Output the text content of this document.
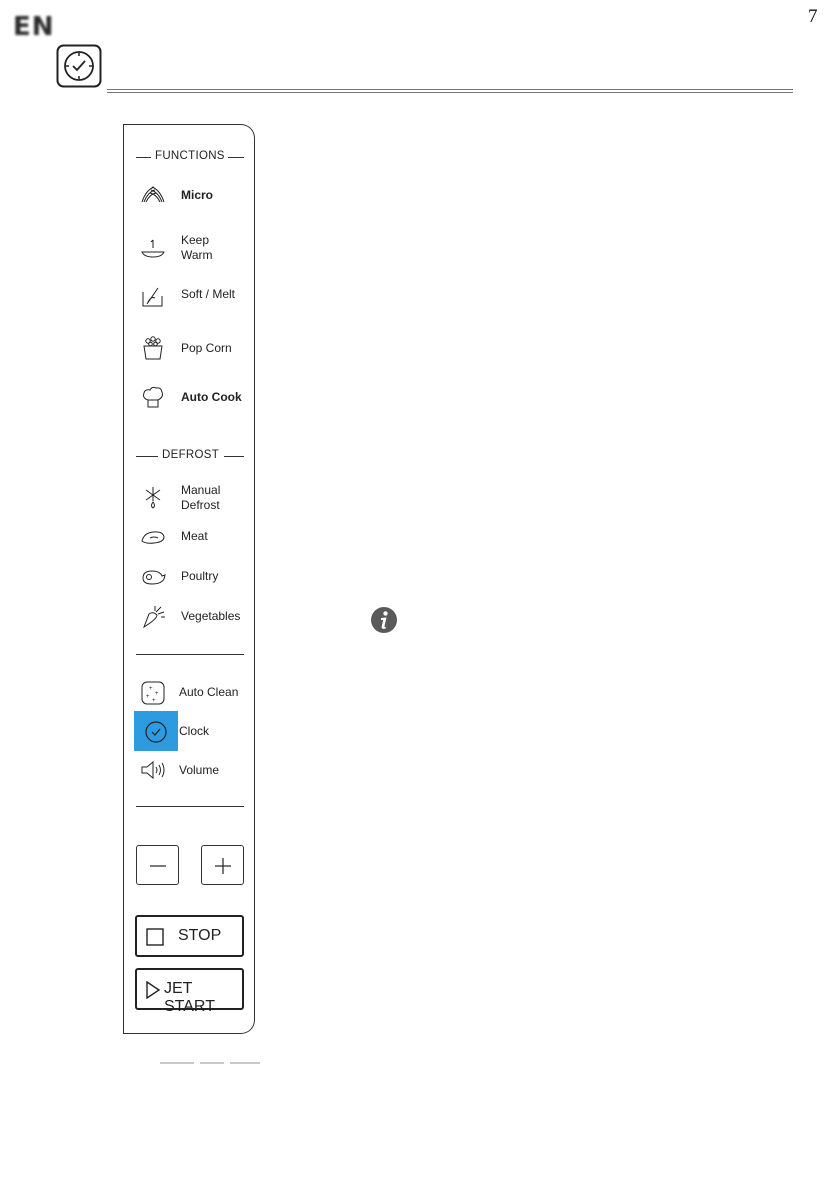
EN	7
FUNCTIONS
Micro
Keep Warm
Soft / Melt
Pop Corn
Auto Cook
DEFROST
Manual Defrost
Meat
Poultry
Vegetables
+
+
+
+
Auto Clean
Clock
Volume
STOP
JET START
